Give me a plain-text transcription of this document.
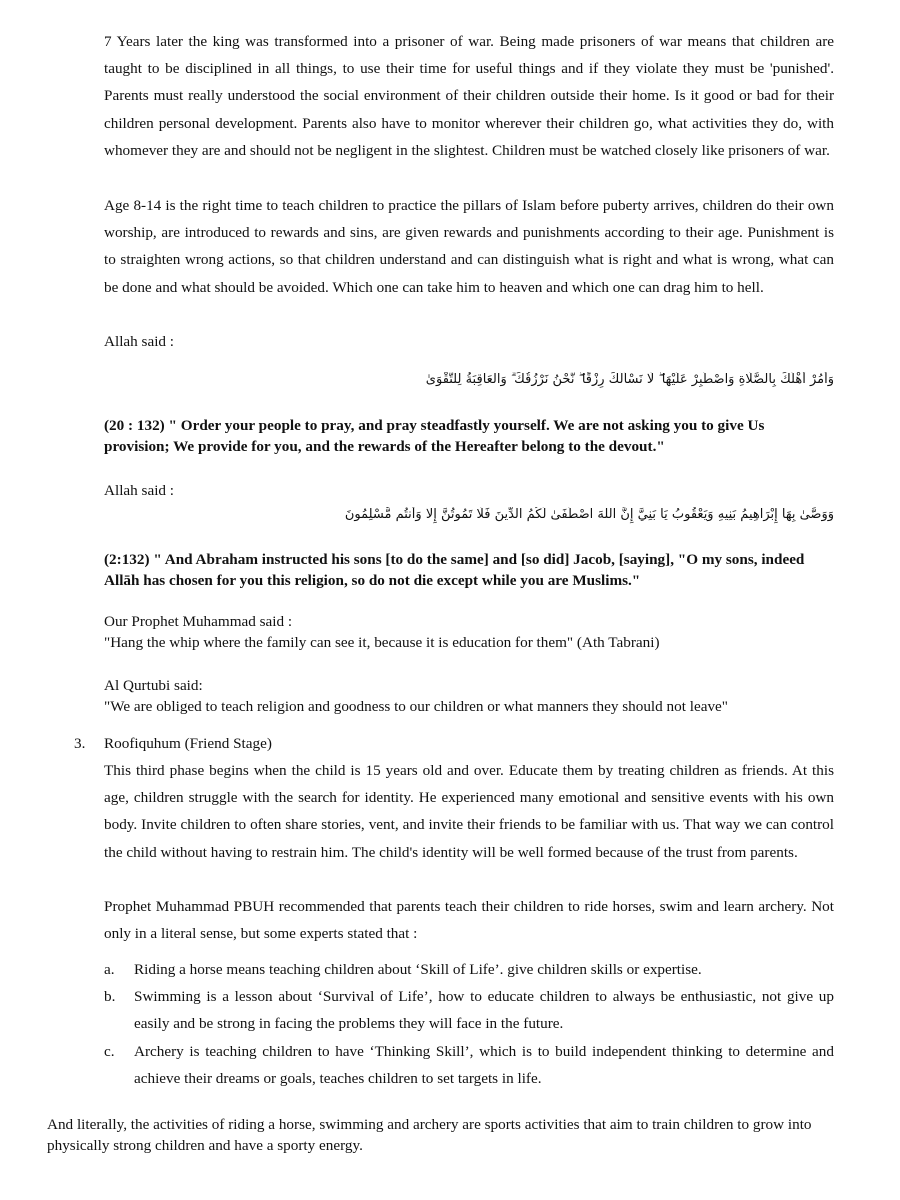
7 Years later the king was transformed into a prisoner of war. Being made prisoners of war means that children are taught to be disciplined in all things, to use their time for useful things and if they violate they must be 'punished'. Parents must really understood the social environment of their children outside their home. Is it good or bad for their children personal development. Parents also have to monitor wherever their children go, what activities they do, with whomever they are and should not be negligent in the slightest. Children must be watched closely like prisoners of war.

Age 8-14 is the right time to teach children to practice the pillars of Islam before puberty arrives, children do their own worship, are introduced to rewards and sins, are given rewards and punishments according to their age. Punishment is to straighten wrong actions, so that children understand and can distinguish what is right and what is wrong, what can be done and what should be avoided. Which one can take him to heaven and which one can drag him to hell.

Allah said :

وَأْمُرْ أَهْلَكَ بِالصَّلَاةِ وَاصْطَبِرْ عَلَيْهَا ۖ لَا نَسْأَلُكَ رِزْقًا ۖ نَّحْنُ نَرْزُقُكَ ۗ وَالْعَاقِبَةُ لِلتَّقْوَىٰ

(20 : 132) " Order your people to pray, and pray steadfastly yourself. We are not asking you to give Us
provision; We provide for you, and the rewards of the Hereafter belong to the devout."

Allah said :

وَوَصَّىٰ بِهَا إِبْرَاهِيمُ بَنِيهِ وَيَعْقُوبُ يَا بَنِيَّ إِنَّ اللَّهَ اصْطَفَىٰ لَكُمُ الدِّينَ فَلَا تَمُوتُنَّ إِلَّا وَأَنتُم مُّسْلِمُونَ

(2:132) " And Abraham instructed his sons [to do the same] and [so did] Jacob, [saying], "O my sons, indeed
Allāh has chosen for you this religion, so do not die except while you are Muslims."

Our Prophet Muhammad said :
"Hang the whip where the family can see it, because it is education for them" (Ath Tabrani)

Al Qurtubi said:
"We are obliged to teach religion and goodness to our children or what manners they should not leave"

3. Roofiquhum (Friend Stage)

This third phase begins when the child is 15 years old and over. Educate them by treating children as friends. At this age, children struggle with the search for identity. He experienced many emotional and sensitive events with his own body. Invite children to often share stories, vent, and invite their friends to be familiar with us. That way we can control the child without having to restrain him. The child's identity will be well formed because of the trust from parents.

Prophet Muhammad PBUH recommended that parents teach their children to ride horses, swim and learn archery. Not only in a literal sense, but some experts stated that :

a. Riding a horse means teaching children about ‘Skill of Life’. give children skills or expertise.

b. Swimming is a lesson about ‘Survival of Life’, how to educate children to always be enthusiastic, not give up easily and be strong in facing the problems they will face in the future.

c. Archery is teaching children to have ‘Thinking Skill’, which is to build independent thinking to determine and achieve their dreams or goals, teaches children to set targets in life.

And literally, the activities of riding a horse, swimming and archery are sports activities that aim to train children to grow into physically strong children and have a sporty energy.
